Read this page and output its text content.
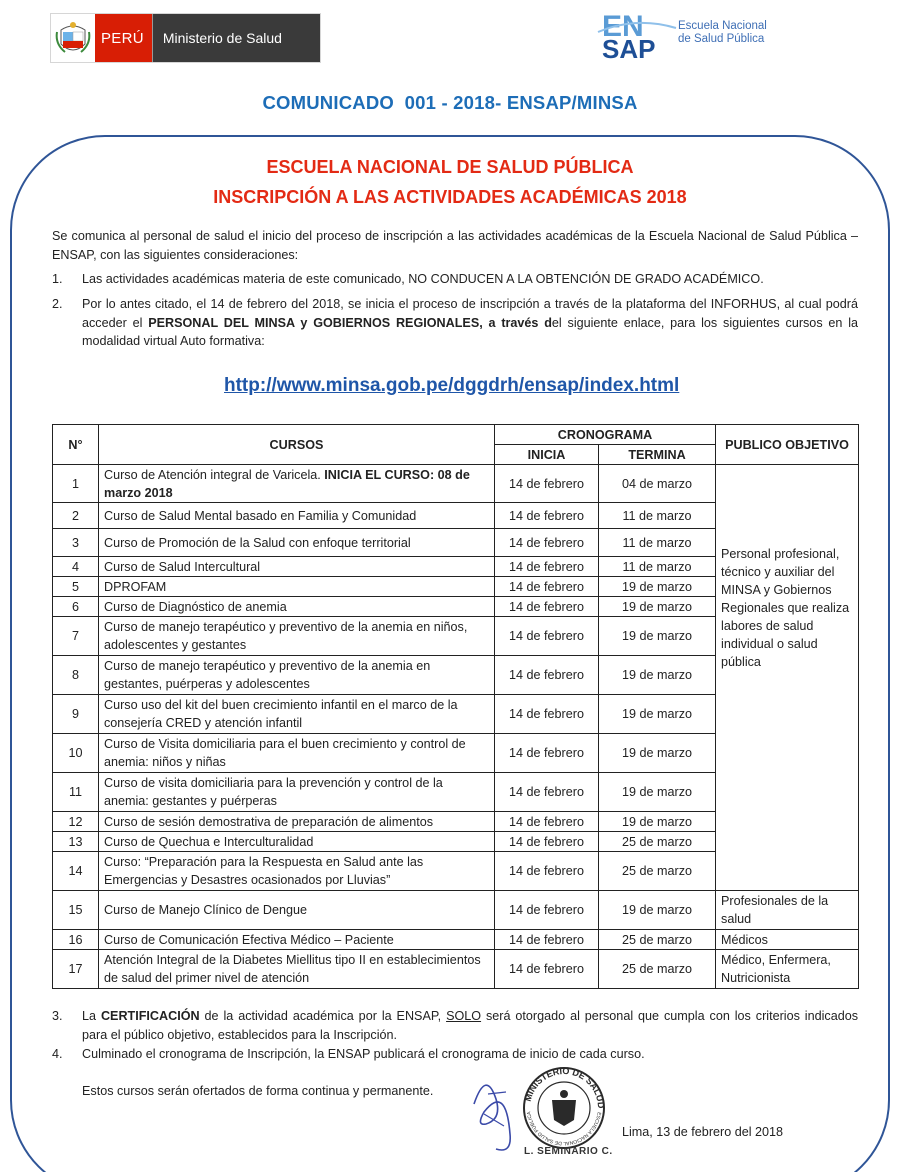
PERÚ	Ministerio de Salud	EN
SAP
Escuela Nacional
de Salud Pública
COMUNICADO  001 - 2018- ENSAP/MINSA
ESCUELA NACIONAL DE SALUD PÚBLICA
INSCRIPCIÓN A LAS ACTIVIDADES ACADÉMICAS 2018
Se comunica al personal de salud el inicio del proceso de inscripción a las actividades académicas de la Escuela Nacional de Salud Pública – ENSAP, con las siguientes consideraciones:
1. Las actividades académicas materia de este comunicado, NO CONDUCEN A LA OBTENCIÓN DE GRADO ACADÉMICO.
2. Por lo antes citado, el 14 de febrero del 2018, se inicia el proceso de inscripción a través de la plataforma del INFORHUS, al cual podrá acceder el PERSONAL DEL MINSA y GOBIERNOS REGIONALES, a través del siguiente enlace, para los siguientes cursos en la modalidad virtual Auto formativa:
http://www.minsa.gob.pe/dggdrh/ensap/index.html
N°	CURSOS	CRONOGRAMA		PUBLICO OBJETIVO
		INICIA	TERMINA	
1	Curso de Atención integral de Varicela. INICIA EL CURSO: 08 de marzo 2018	14 de febrero	04 de marzo	Personal profesional, técnico y auxiliar del MINSA y Gobiernos Regionales que realiza labores de salud individual o salud pública
2	Curso de Salud Mental basado en Familia y Comunidad	14 de febrero	11 de marzo	
3	Curso de Promoción de la Salud con enfoque territorial	14 de febrero	11 de marzo	
4	Curso de Salud Intercultural	14 de febrero	11 de marzo	
5	DPROFAM	14 de febrero	19 de marzo	
6	Curso de Diagnóstico de anemia	14 de febrero	19 de marzo	
7	Curso de manejo terapéutico y preventivo de la anemia en niños, adolescentes y gestantes	14 de febrero	19 de marzo	
8	Curso de manejo terapéutico y preventivo de la anemia en gestantes, puérperas y adolescentes	14 de febrero	19 de marzo	
9	Curso uso del kit del buen crecimiento infantil en el marco de la consejería CRED y atención infantil	14 de febrero	19 de marzo	
10	Curso de Visita domiciliaria para el buen crecimiento y control de anemia: niños y niñas	14 de febrero	19 de marzo	
11	Curso de visita domiciliaria para la prevención y control de la anemia: gestantes y puérperas	14 de febrero	19 de marzo	
12	Curso de sesión demostrativa de preparación de alimentos	14 de febrero	19 de marzo	
13	Curso de Quechua e Interculturalidad	14 de febrero	25 de marzo	
14	Curso: “Preparación para la Respuesta en Salud ante las Emergencias y Desastres ocasionados por Lluvias”	14 de febrero	25 de marzo	
15	Curso de Manejo Clínico de Dengue	14 de febrero	19 de marzo	Profesionales de la salud
16	Curso de Comunicación Efectiva Médico – Paciente	14 de febrero	25 de marzo	Médicos
17	Atención Integral de la Diabetes Miellitus tipo II en establecimientos de salud del primer nivel de atención	14 de febrero	25 de marzo	Médico, Enfermera, Nutricionista
3. La CERTIFICACIÓN de la actividad académica por la ENSAP, SOLO será otorgado al personal que cumpla con los criterios indicados para el público objetivo, establecidos para la Inscripción.
4. Culminado el cronograma de Inscripción, la ENSAP publicará el cronograma de inicio de cada curso.
Estos cursos serán ofertados de forma continua y permanente.	MINISTERIO DE SALUD
ESCUELA NACIONAL DE SALUD PÚBLICA
Lima, 13 de febrero del 2018
L. SEMINARIO C.
